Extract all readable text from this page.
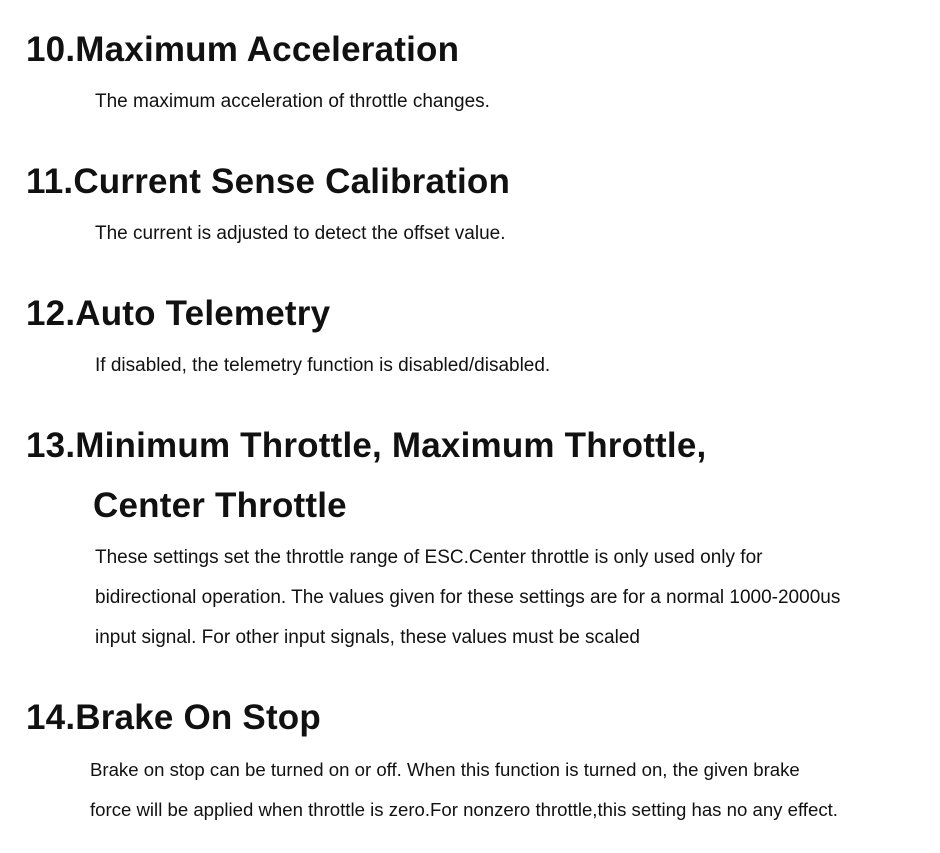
10.Maximum Acceleration

The maximum acceleration of throttle changes.

11.Current Sense Calibration

The current is adjusted to detect the offset value.

12.Auto Telemetry

If disabled, the telemetry function is disabled/disabled.

13.Minimum Throttle, Maximum Throttle,
Center Throttle

These settings set the throttle range of ESC.Center throttle is only used only for
bidirectional operation. The values given for these settings are for a normal 1000-2000us
input signal. For other input signals, these values must be scaled

14.Brake On Stop

Brake on stop can be turned on or off. When this function is turned on, the given brake
force will be applied when throttle is zero.For nonzero throttle,this setting has no any effect.
